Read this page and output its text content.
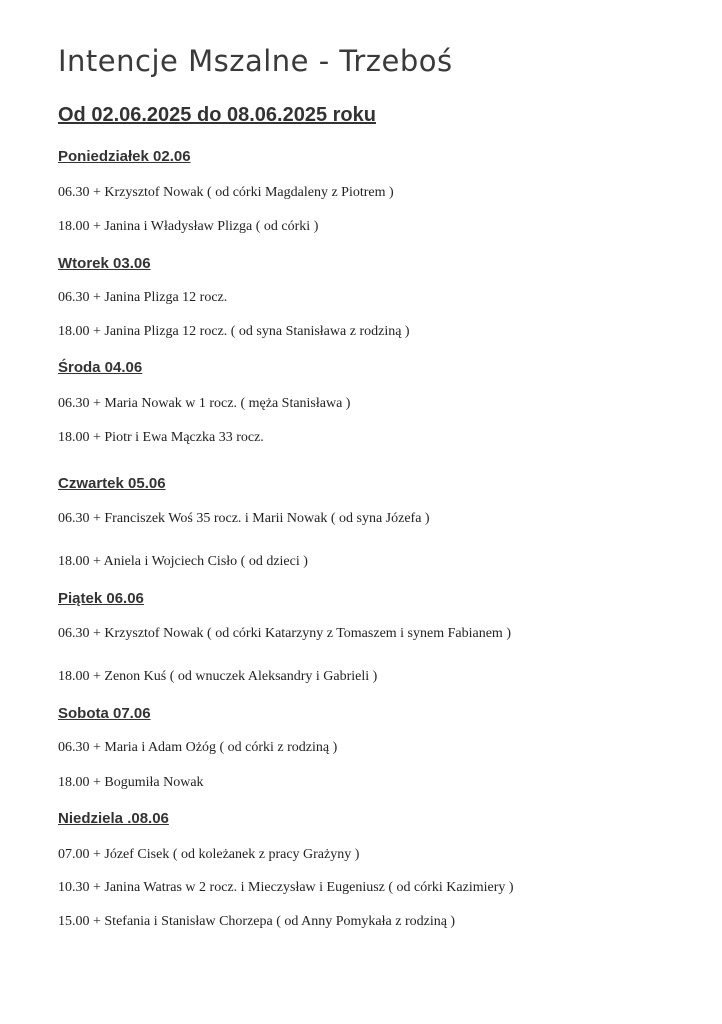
Intencje Mszalne - Trzeboś
Od 02.06.2025 do 08.06.2025 roku
Poniedziałek 02.06

06.30 + Krzysztof Nowak ( od córki Magdaleny z Piotrem )

18.00 + Janina i Władysław Plizga ( od córki )

Wtorek 03.06

06.30 + Janina Plizga 12 rocz.

18.00 + Janina Plizga 12 rocz. ( od syna Stanisława z rodziną )

Środa 04.06

06.30 + Maria Nowak w 1 rocz. ( męża Stanisława )

18.00 + Piotr i Ewa Mączka 33 rocz.

Czwartek 05.06

06.30 + Franciszek Woś 35 rocz. i Marii Nowak ( od syna Józefa )

18.00 + Aniela i Wojciech Cisło ( od dzieci )

Piątek 06.06

06.30 + Krzysztof Nowak ( od córki Katarzyny z Tomaszem i synem Fabianem )

18.00 + Zenon Kuś ( od wnuczek Aleksandry i Gabrieli )

Sobota 07.06

06.30 + Maria i Adam Ożóg ( od córki z rodziną )

18.00 + Bogumiła Nowak

Niedziela .08.06

07.00 + Józef Cisek ( od koleżanek z pracy Grażyny )

10.30 + Janina Watras w 2 rocz. i Mieczysław i Eugeniusz ( od córki Kazimiery )

15.00 + Stefania i Stanisław Chorzepa ( od Anny Pomykała z rodziną )
